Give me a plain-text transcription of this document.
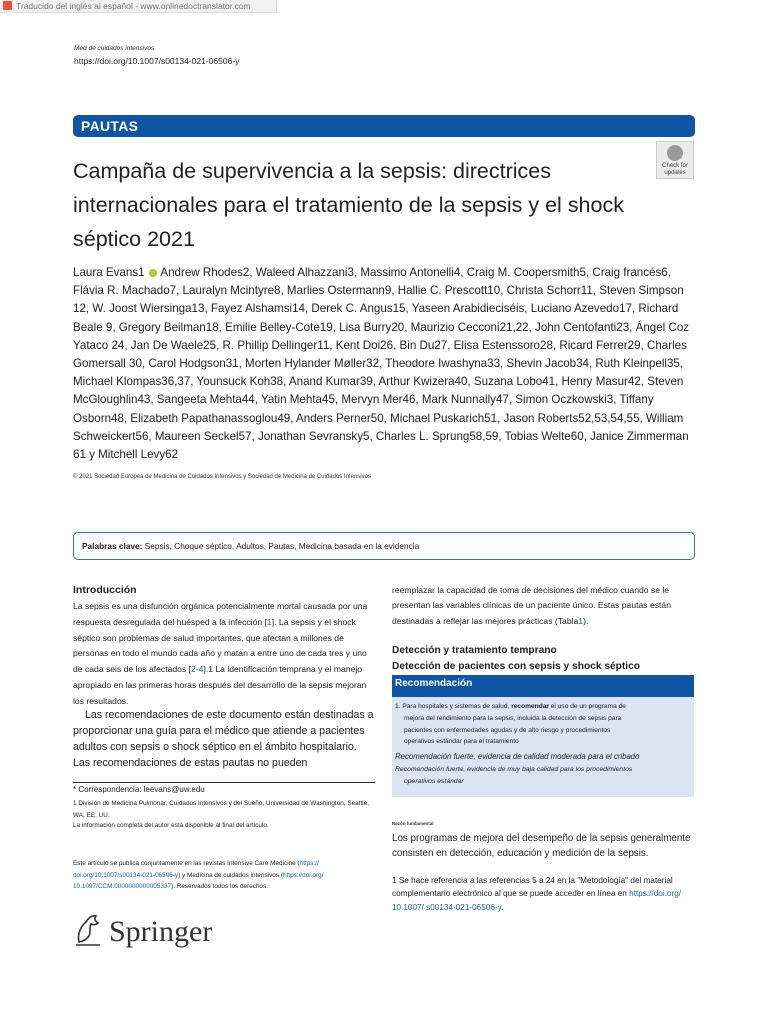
Traducido del inglés al español - www.onlinedoctranslator.com
Med de cuidados intensivos
https://doi.org/10.1007/s00134-021-06506-y
PAUTAS
Campaña de supervivencia a la sepsis: directrices internacionales para el tratamiento de la sepsis y el shock séptico 2021
Check for updates
Laura Evans1 Andrew Rhodes2, Waleed Alhazzani3, Massimo Antonelli4, Craig M. Coopersmith5, Craig francés6, Flávia R. Machado7, Lauralyn Mcintyre8, Marlies Ostermann9, Hallie C. Prescott10, Christa Schorr11, Steven Simpson 12, W. Joost Wiersinga13, Fayez Alshamsi14, Derek C. Angus15, Yaseen Arabidieciséis, Luciano Azevedo17, Richard Beale 9, Gregory Beilman18, Emilie Belley-Cote19, Lisa Burry20, Maurizio Cecconi21,22, John Centofanti23, Ángel Coz Yataco 24, Jan De Waele25, R. Phillip Dellinger11, Kent Doi26, Bin Du27, Elisa Estenssoro28, Ricard Ferrer29, Charles Gomersall 30, Carol Hodgson31, Morten Hylander Møller32, Theodore Iwashyna33, Shevin Jacob34, Ruth Kleinpell35, Michael Klompas36,37, Younsuck Koh38, Anand Kumar39, Arthur Kwizera40, Suzana Lobo41, Henry Masur42, Steven McGloughlin43, Sangeeta Mehta44, Yatin Mehta45, Mervyn Mer46, Mark Nunnally47, Simon Oczkowski3, Tiffany Osborn48, Elizabeth Papathanassoglou49, Anders Perner50, Michael Puskarich51, Jason Roberts52,53,54,55, William Schweickert56, Maureen Seckel57, Jonathan Sevransky5, Charles L. Sprung58,59, Tobias Welte60, Janice Zimmerman 61 y Mitchell Levy62
© 2021 Sociedad Europea de Medicina de Cuidados Intensivos y Sociedad de Medicina de Cuidados Intensivos
Palabras clave: Sepsis, Choque séptico, Adultos, Pautas, Medicina basada en la evidencia
Introducción
La sepsis es una disfunción orgánica potencialmente mortal causada por una respuesta desregulada del huésped a la infección [1]. La sepsis y el shock séptico son problemas de salud importantes, que afectan a millones de personas en todo el mundo cada año y matan a entre uno de cada tres y uno de cada seis de los afectados [2-4].1 La identificación temprana y el manejo apropiado en las primeras horas después del desarrollo de la sepsis mejoran los resultados.
Las recomendaciones de este documento están destinadas a proporcionar una guía para el médico que atiende a pacientes adultos con sepsis o shock séptico en el ámbito hospitalario. Las recomendaciones de estas pautas no pueden
* Correspondencia: leevans@uw.edu
1 División de Medicina Pulmonar, Cuidados Intensivos y del Sueño, Universidad de Washington, Seattle, WA, EE. UU.
La información completa del autor está disponible al final del artículo.
Este artículo se publica conjuntamente en las revistas Intensive Care Medicine (https:// doi.org/10.1007/s00134-021-06506-y) y Medicina de cuidados intensivos (https://doi.org/ 10.1097/CCM.0000000000005337). Reservados todos los derechos.
Springer
reemplazar la capacidad de toma de decisiones del médico cuando se le presentan las variables clínicas de un paciente único. Estas pautas están destinadas a reflejar las mejores prácticas (Tabla1).
Detección y tratamiento temprano
Detección de pacientes con sepsis y shock séptico
Recomendación
1. Para hospitales y sistemas de salud, recomendar el uso de un programa de
mejora del rendimiento para la sepsis, incluida la detección de sepsis para
pacientes con enfermedades agudas y de alto riesgo y procedimientos
operativos estándar para el tratamiento
Recomendación fuerte, evidencia de calidad moderada para el cribado
Recomendación fuerte, evidencia de muy baja calidad para los procedimientos
operativos estándar
Razón fundamental
Los programas de mejora del desempeño de la sepsis generalmente consisten en detección, educación y medición de la sepsis.
1 Se hace referencia a las referencias 5 a 24 en la "Metodología" del material complementario electrónico al que se puede acceder en línea en https://doi.org/ 10.1007/ s00134-021-06506-y.
